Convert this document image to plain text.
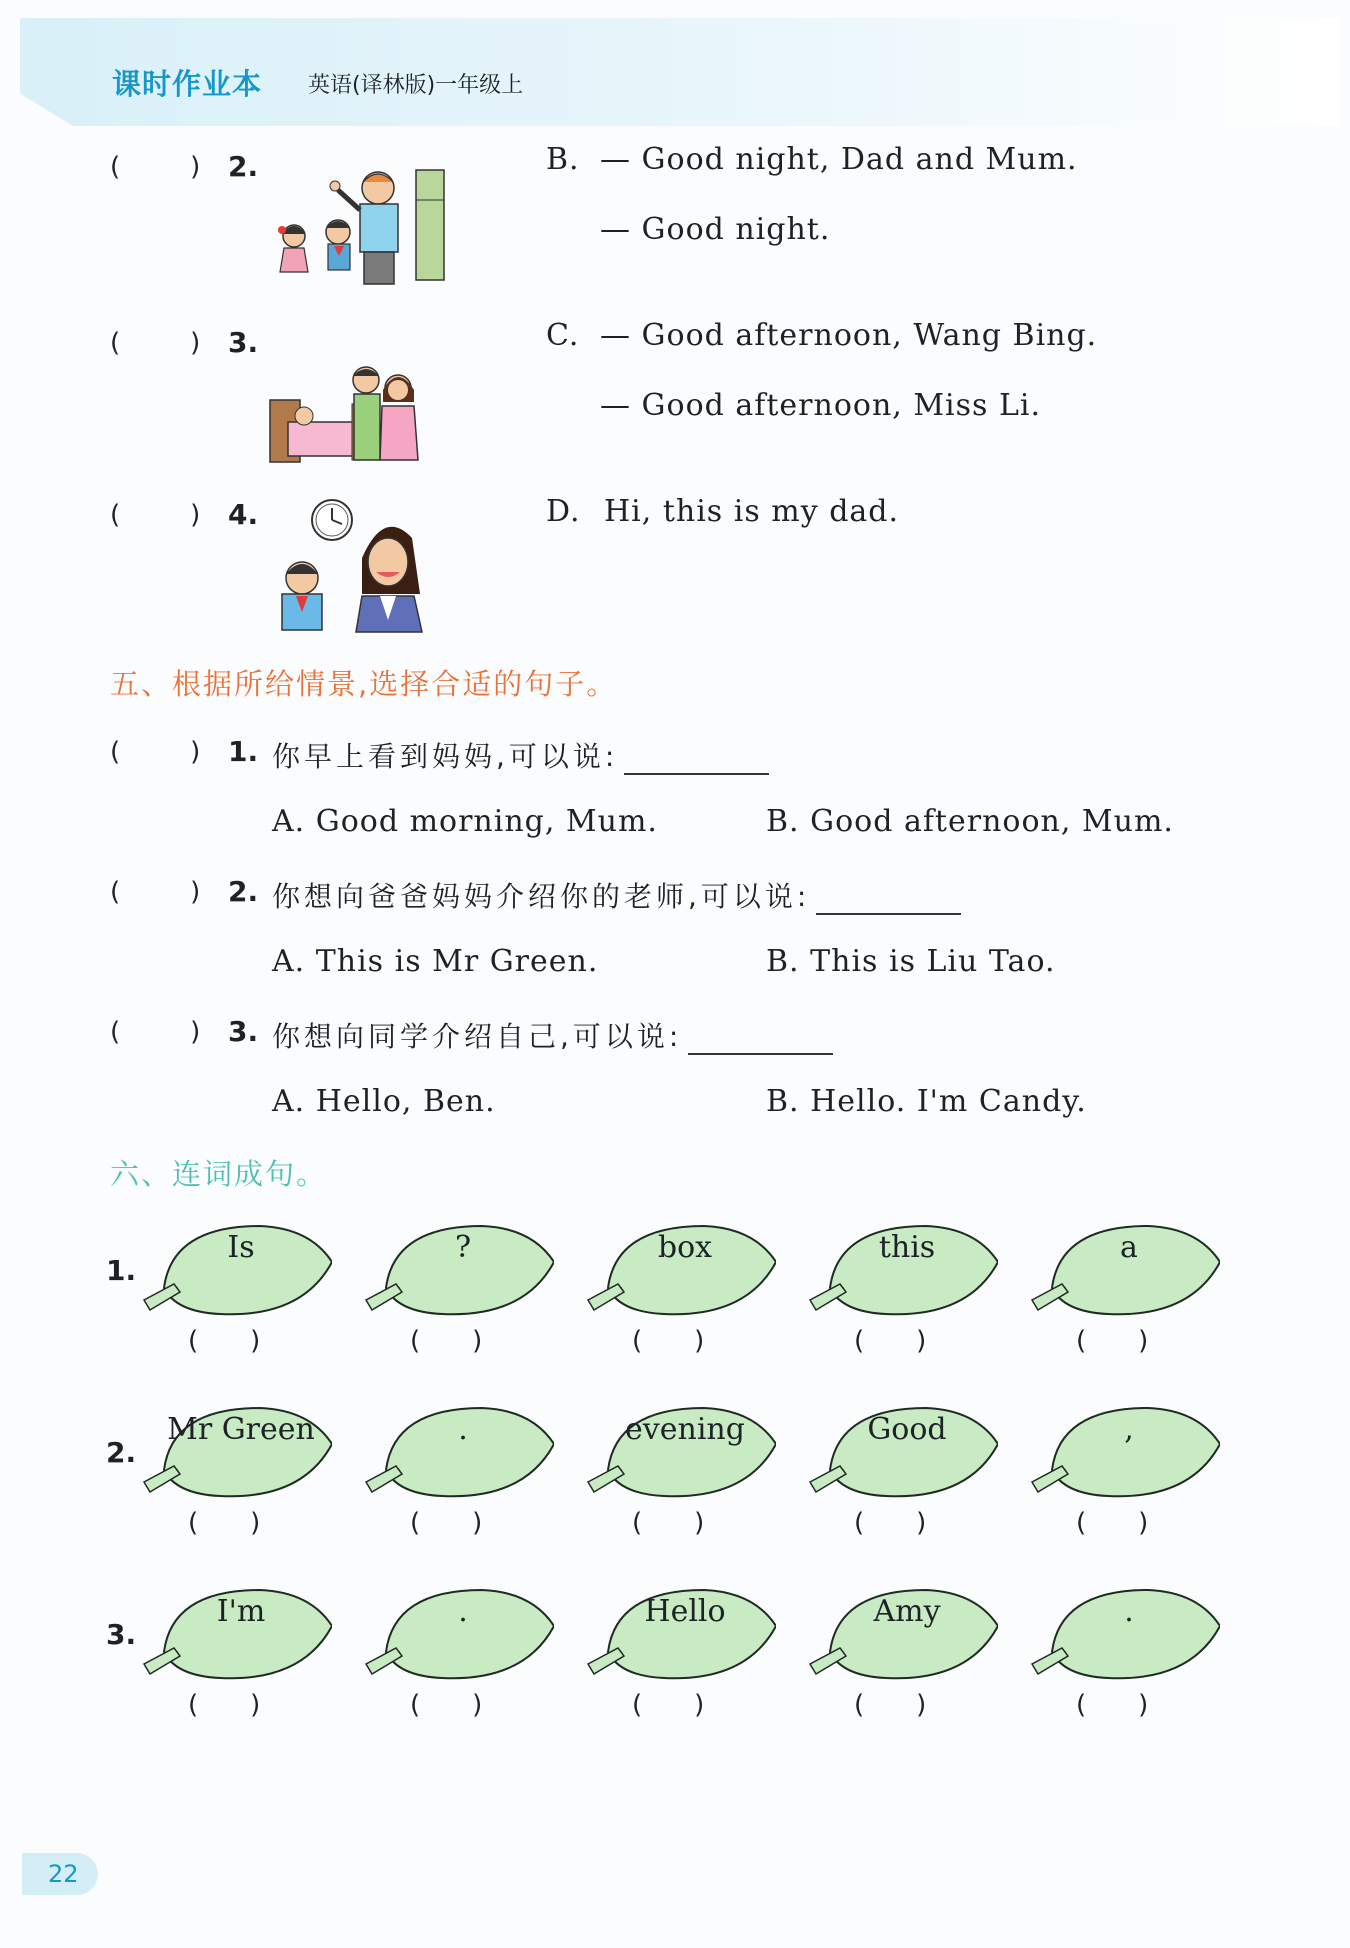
课时作业本 英语(译林版)一年级上
(	) 2.
(	) 3.
(	) 4.
B. — Good night, Dad and Mum.
— Good night.
C. — Good afternoon, Wang Bing.
— Good afternoon, Miss Li.
D. Hi, this is my dad.
五、根据所给情景,选择合适的句子。
(	) 1. 你早上看到妈妈,可以说:
A. Good morning, Mum.	B. Good afternoon, Mum.
(	) 2. 你想向爸爸妈妈介绍你的老师,可以说:
A. This is Mr Green.	B. This is Liu Tao.
(	) 3. 你想向同学介绍自己,可以说:
A. Hello, Ben.	B. Hello. I'm Candy.
六、连词成句。
1.
2.
3.
Is
( )
?
( )
box
( )
this
( )
a
( )
Mr Green
( )
.
( )
evening
( )
Good
( )
,
( )
I'm
( )
.
( )
Hello
( )
Amy
( )
.
( )
22
